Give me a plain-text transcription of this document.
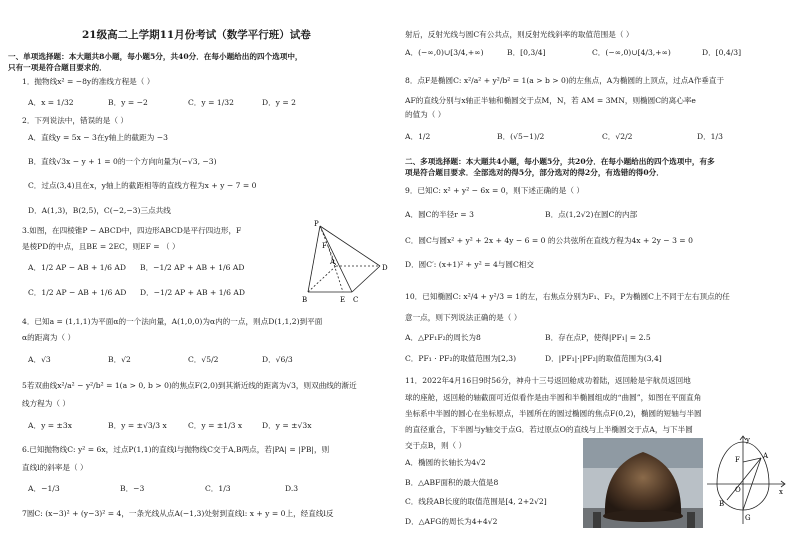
21级高二上学期11月份考试（数学平行班）试卷
一、单项选择题：本大题共8小题，每小题5分，共40分．在每小题给出的四个选项中，
只有一项是符合题目要求的．
1．抛物线x² = −8y的准线方程是（ ）
A．x = 1/32	B．y = −2	C．y = 1/32	D．y = 2
2．下列说法中，错误的是（ ）
A．直线y = 5x − 3在y轴上的截距为 −3
B．直线√3x − y + 1 = 0的一个方向向量为(−√3, −3)
C．过点(3,4)且在x，y轴上的截距相等的直线方程为x + y − 7 = 0
D．A(1,3)，B(2,5)，C(−2,−3)三点共线
3.如图，在四棱锥P − ABCD中，四边形ABCD是平行四边形，F
是棱PD的中点，且BE = 2EC，则EF = （ ）
A．1/2 AP − AB + 1/6 AD B．−1/2 AP + AB + 1/6 AD
C．1/2 AP − AB + 1/6 AD D．−1/2 AP + AB + 1/6 AD
P
F
A
B	E C
D
4．已知a = (1,1,1)为平面α的一个法向量，A(1,0,0)为α内的一点，则点D(1,1,2)到平面
α的距离为（ ）
A．√3	B．√2	C．√5/2	D．√6/3
5若双曲线x²/a² − y²/b² = 1(a > 0, b > 0)的焦点F(2,0)到其渐近线的距离为√3，则双曲线的渐近
线方程为（ ）
A．y = ±3x	B．y = ±√3/3 x	C．y = ±1/3 x	D．y = ±√3x
6.已知抛物线C: y² = 6x，过点P(1,1)的直线l与抛物线C交于A,B两点，若|PA| = |PB|，则
直线l的斜率是（ ）
A．−1/3	B．−3	C．1/3	D.3
7圆C: (x−3)² + (y−3)² = 4，一条光线从点A(−1,3)处射到直线l: x + y = 0上，经直线l反
射后，反射光线与圆C有公共点，则反射光线斜率的取值范围是（ ）
A．(−∞,0)∪[3/4,+∞)	B．[0,3/4]	C．(−∞,0)∪[4/3,+∞)	D．[0,4/3]
8．点F是椭圆C: x²/a² + y²/b² = 1(a > b > 0)的左焦点，A为椭圆的上顶点，过点A作垂直于
AF的直线分别与x轴正半轴和椭圆交于点M，N，若 AM = 3MN，则椭圆C的离心率e
的值为（ ）
A．1/2	B．(√5−1)/2	C．√2/2	D．1/3
二、多项选择题：本大题共4小题，每小题5分，共20分．在每小题给出的四个选项中，有多
项是符合题目要求．全部选对的得5分，部分选对的得2分，有选错的得0分．
9．已知C: x² + y² − 6x = 0，则下述正确的是（ ）
A．圆C的半径r = 3	B．点(1,2√2)在圆C的内部
C．圆C与圆x² + y² + 2x + 4y − 6 = 0 的公共弦所在直线方程为4x + 2y − 3 = 0
D．圆C′: (x+1)² + y² = 4与圆C相交
10．已知椭圆C: x²/4 + y²/3 = 1的左，右焦点分别为F₁、F₂，P为椭圆C上不同于左右顶点的任
意一点，则下列说法正确的是（ ）
A．△PF₁F₂的周长为8	B．存在点P，使得|PF₁| = 2.5
C．PF₁ · PF₂的取值范围为[2,3)	D．|PF₁|·|PF₂|的取值范围为(3,4]
11．2022年4月16日9时56分，神舟十三号返回舱成功着陆，返回舱是宇航员返回地
球的座舱，返回舱的轴截面可近似看作是由半圆和半椭圆组成的“曲圆”，如图在平面直角
坐标系中半圆的圆心在坐标原点，半圆所在的圆过椭圆的焦点F(0,2)，椭圆的短轴与半圆
的直径重合，下半圆与y轴交于点G．若过原点O的直线与上半椭圆交于点A，与下半圆
交于点B，则（ ）
A．椭圆的长轴长为4√2
B．△ABF面积的最大值是8
C．线段AB长度的取值范围是[4, 2+2√2]
D．△AFG的周长为4+4√2
y
F	A
O	x
B
G
